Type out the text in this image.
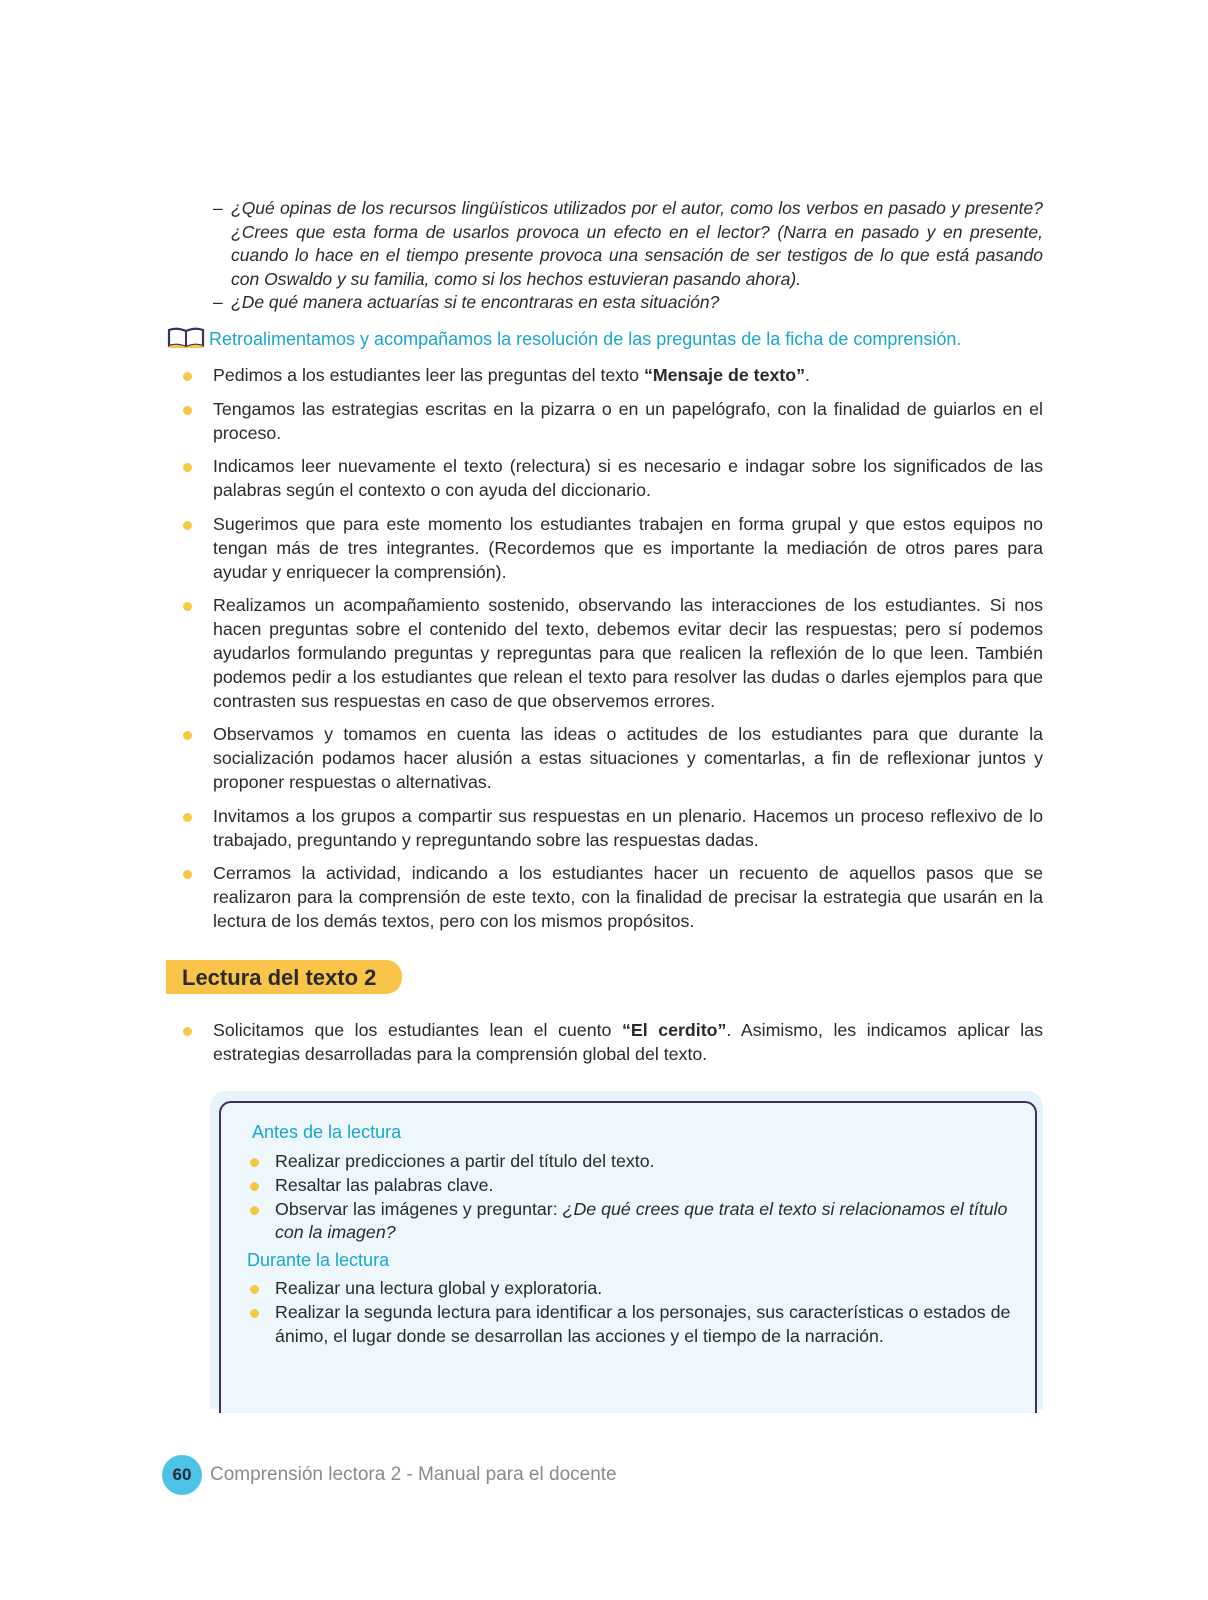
– ¿Qué opinas de los recursos lingüísticos utilizados por el autor, como los verbos en pasado y presente? ¿Crees que esta forma de usarlos provoca un efecto en el lector? (Narra en pasado y en presente, cuando lo hace en el tiempo presente provoca una sensación de ser testigos de lo que está pasando con Oswaldo y su familia, como si los hechos estuvieran pasando ahora).
– ¿De qué manera actuarías si te encontraras en esta situación?
Retroalimentamos y acompañamos la resolución de las preguntas de la ficha de comprensión.
Pedimos a los estudiantes leer las preguntas del texto “Mensaje de texto”.
Tengamos las estrategias escritas en la pizarra o en un papelógrafo, con la finalidad de guiarlos en el proceso.
Indicamos leer nuevamente el texto (relectura) si es necesario e indagar sobre los significados de las palabras según el contexto o con ayuda del diccionario.
Sugerimos que para este momento los estudiantes trabajen en forma grupal y que estos equipos no tengan más de tres integrantes. (Recordemos que es importante la mediación de otros pares para ayudar y enriquecer la comprensión).
Realizamos un acompañamiento sostenido, observando las interacciones de los estudiantes. Si nos hacen preguntas sobre el contenido del texto, debemos evitar decir las respuestas; pero sí podemos ayudarlos formulando preguntas y repreguntas para que realicen la reflexión de lo que leen. También podemos pedir a los estudiantes que relean el texto para resolver las dudas o darles ejemplos para que contrasten sus respuestas en caso de que observemos errores.
Observamos y tomamos en cuenta las ideas o actitudes de los estudiantes para que durante la socialización podamos hacer alusión a estas situaciones y comentarlas, a fin de reflexionar juntos y proponer respuestas o alternativas.
Invitamos a los grupos a compartir sus respuestas en un plenario. Hacemos un proceso reflexivo de lo trabajado, preguntando y repreguntando sobre las respuestas dadas.
Cerramos la actividad, indicando a los estudiantes hacer un recuento de aquellos pasos que se realizaron para la comprensión de este texto, con la finalidad de precisar la estrategia que usarán en la lectura de los demás textos, pero con los mismos propósitos.
Lectura del texto 2
Solicitamos que los estudiantes lean el cuento “El cerdito”. Asimismo, les indicamos aplicar las estrategias desarrolladas para la comprensión global del texto.
Antes de la lectura
Realizar predicciones a partir del título del texto.
Resaltar las palabras clave.
Observar las imágenes y preguntar: ¿De qué crees que trata el texto si relacionamos el título con la imagen?
Durante la lectura
Realizar una lectura global y exploratoria.
Realizar la segunda lectura para identificar a los personajes, sus características o estados de ánimo, el lugar donde se desarrollan las acciones y el tiempo de la narración.
60 Comprensión lectora 2 - Manual para el docente
